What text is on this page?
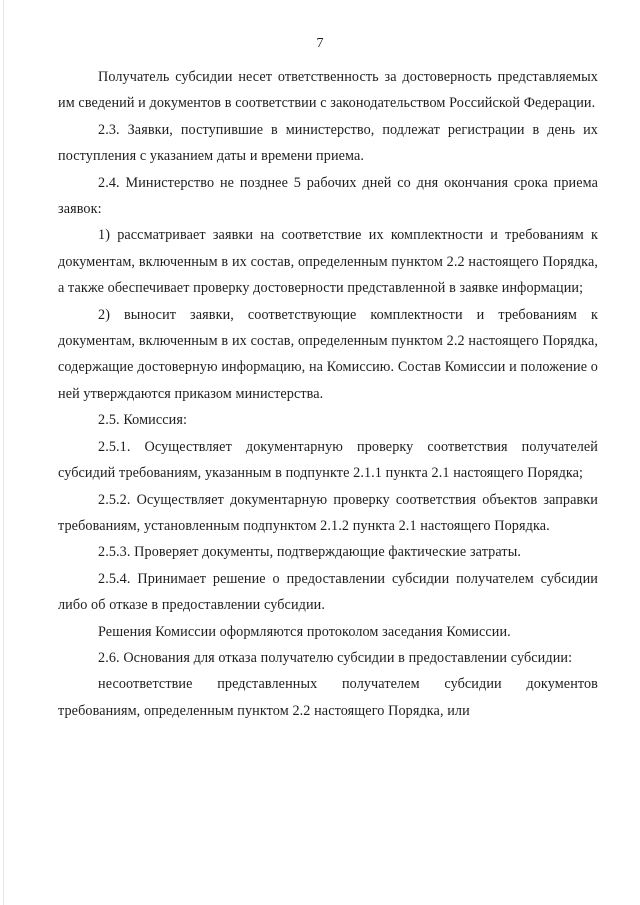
7

Получатель субсидии несет ответственность за достоверность представляемых им сведений и документов в соответствии с законодательством Российской Федерации.

2.3. Заявки, поступившие в министерство, подлежат регистрации в день их поступления с указанием даты и времени приема.

2.4. Министерство не позднее 5 рабочих дней со дня окончания срока приема заявок:

1) рассматривает заявки на соответствие их комплектности и требованиям к документам, включенным в их состав, определенным пунктом 2.2 настоящего Порядка, а также обеспечивает проверку достоверности представленной в заявке информации;

2) выносит заявки, соответствующие комплектности и требованиям к документам, включенным в их состав, определенным пунктом 2.2 настоящего Порядка, содержащие достоверную информацию, на Комиссию. Состав Комиссии и положение о ней утверждаются приказом министерства.

2.5. Комиссия:

2.5.1. Осуществляет документарную проверку соответствия получателей субсидий требованиям, указанным в подпункте 2.1.1 пункта 2.1 настоящего Порядка;

2.5.2. Осуществляет документарную проверку соответствия объектов заправки требованиям, установленным подпунктом 2.1.2 пункта 2.1 настоящего Порядка.

2.5.3. Проверяет документы, подтверждающие фактические затраты.

2.5.4. Принимает решение о предоставлении субсидии получателем субсидии либо об отказе в предоставлении субсидии.

Решения Комиссии оформляются протоколом заседания Комиссии.

2.6. Основания для отказа получателю субсидии в предоставлении субсидии:

несоответствие представленных получателем субсидии документов требованиям, определенным пунктом 2.2 настоящего Порядка, или
